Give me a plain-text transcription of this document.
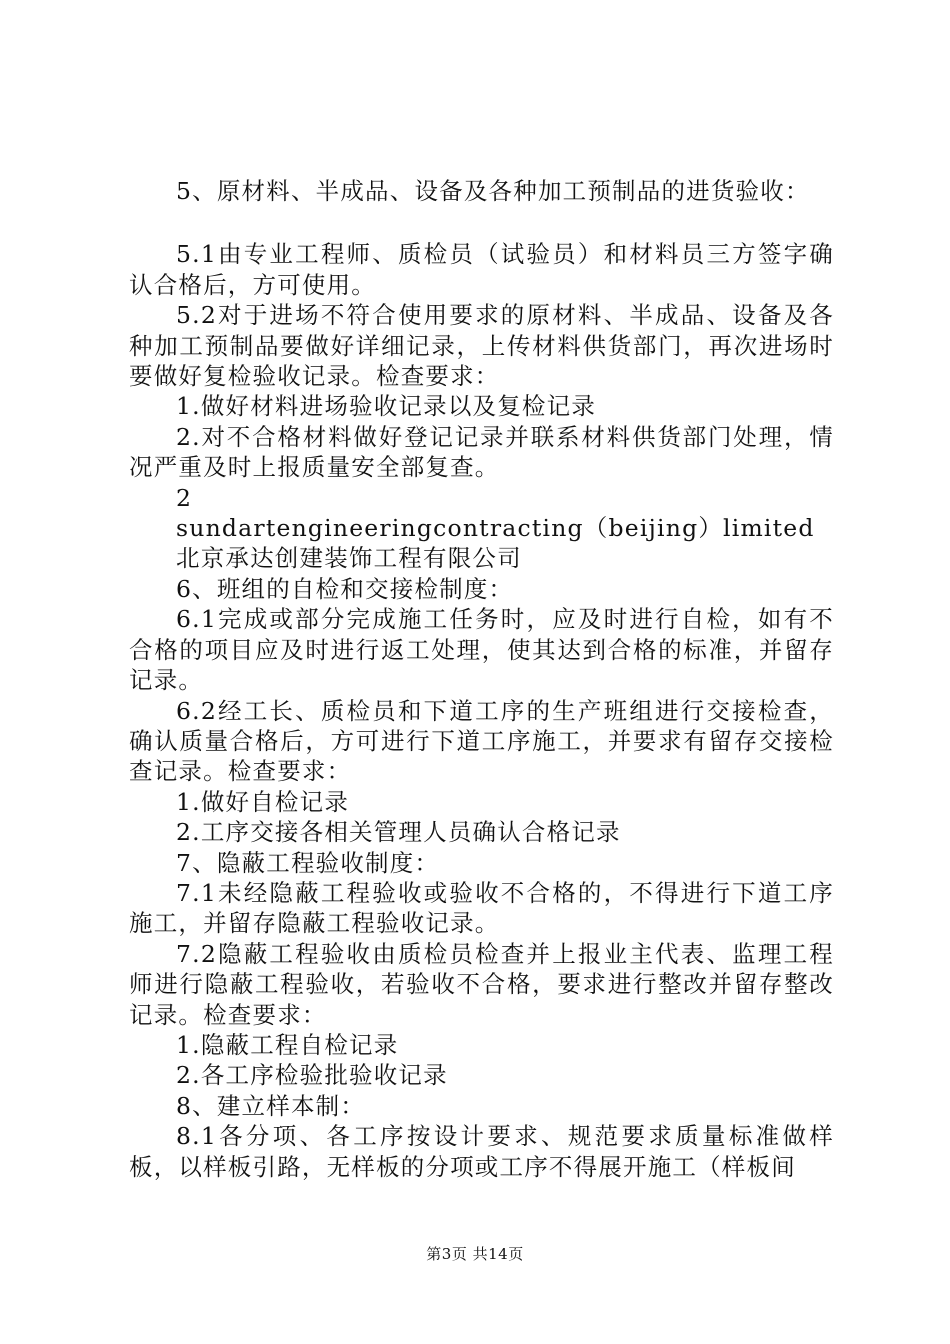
5、原材料、半成品、设备及各种加工预制品的进货验收：

5.1由专业工程师、质检员（试验员）和材料员三方签字确认合格后，方可使用。

5.2对于进场不符合使用要求的原材料、半成品、设备及各种加工预制品要做好详细记录，上传材料供货部门，再次进场时要做好复检验收记录。检查要求：

1.做好材料进场验收记录以及复检记录

2.对不合格材料做好登记记录并联系材料供货部门处理，情况严重及时上报质量安全部复查。

2

sundartengineeringcontracting（beijing）limited

北京承达创建装饰工程有限公司

6、班组的自检和交接检制度：

6.1完成或部分完成施工任务时，应及时进行自检，如有不合格的项目应及时进行返工处理，使其达到合格的标准，并留存记录。

6.2经工长、质检员和下道工序的生产班组进行交接检查，确认质量合格后，方可进行下道工序施工，并要求有留存交接检查记录。检查要求：

1.做好自检记录

2.工序交接各相关管理人员确认合格记录

7、隐蔽工程验收制度：

7.1未经隐蔽工程验收或验收不合格的，不得进行下道工序施工，并留存隐蔽工程验收记录。

7.2隐蔽工程验收由质检员检查并上报业主代表、监理工程师进行隐蔽工程验收，若验收不合格，要求进行整改并留存整改记录。检查要求：

1.隐蔽工程自检记录

2.各工序检验批验收记录

8、建立样本制：

8.1各分项、各工序按设计要求、规范要求质量标准做样板，以样板引路，无样板的分项或工序不得展开施工（样板间

第3页 共14页
